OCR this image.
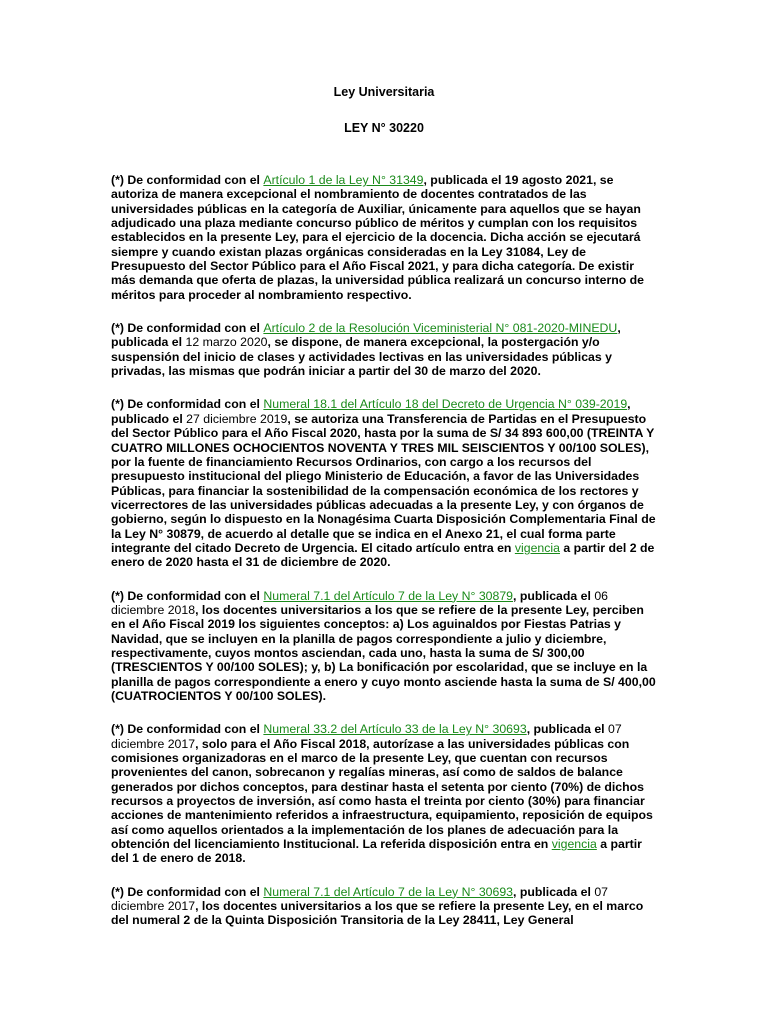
Ley Universitaria
LEY N° 30220

(*) De conformidad con el Artículo 1 de la Ley N° 31349, publicada el 19 agosto 2021, se autoriza de manera excepcional el nombramiento de docentes contratados de las universidades públicas en la categoría de Auxiliar, únicamente para aquellos que se hayan adjudicado una plaza mediante concurso público de méritos y cumplan con los requisitos establecidos en la presente Ley, para el ejercicio de la docencia. Dicha acción se ejecutará siempre y cuando existan plazas orgánicas consideradas en la Ley 31084, Ley de Presupuesto del Sector Público para el Año Fiscal 2021, y para dicha categoría. De existir más demanda que oferta de plazas, la universidad pública realizará un concurso interno de méritos para proceder al nombramiento respectivo.

(*) De conformidad con el Artículo 2 de la Resolución Viceministerial N° 081-2020-MINEDU, publicada el 12 marzo 2020, se dispone, de manera excepcional, la postergación y/o suspensión del inicio de clases y actividades lectivas en las universidades públicas y privadas, las mismas que podrán iniciar a partir del 30 de marzo del 2020.

(*) De conformidad con el Numeral 18.1 del Artículo 18 del Decreto de Urgencia N° 039-2019, publicado el 27 diciembre 2019, se autoriza una Transferencia de Partidas en el Presupuesto del Sector Público para el Año Fiscal 2020, hasta por la suma de S/ 34 893 600,00 (TREINTA Y CUATRO MILLONES OCHOCIENTOS NOVENTA Y TRES MIL SEISCIENTOS Y 00/100 SOLES), por la fuente de financiamiento Recursos Ordinarios, con cargo a los recursos del presupuesto institucional del pliego Ministerio de Educación, a favor de las Universidades Públicas, para financiar la sostenibilidad de la compensación económica de los rectores y vicerrectores de las universidades públicas adecuadas a la presente Ley, y con órganos de gobierno, según lo dispuesto en la Nonagésima Cuarta Disposición Complementaria Final de la Ley N° 30879, de acuerdo al detalle que se indica en el Anexo 21, el cual forma parte integrante del citado Decreto de Urgencia. El citado artículo entra en vigencia a partir del 2 de enero de 2020 hasta el 31 de diciembre de 2020.

(*) De conformidad con el Numeral 7.1 del Artículo 7 de la Ley N° 30879, publicada el 06 diciembre 2018, los docentes universitarios a los que se refiere de la presente Ley, perciben en el Año Fiscal 2019 los siguientes conceptos: a) Los aguinaldos por Fiestas Patrias y Navidad, que se incluyen en la planilla de pagos correspondiente a julio y diciembre, respectivamente, cuyos montos asciendan, cada uno, hasta la suma de S/ 300,00 (TRESCIENTOS Y 00/100 SOLES); y, b) La bonificación por escolaridad, que se incluye en la planilla de pagos correspondiente a enero y cuyo monto asciende hasta la suma de S/ 400,00 (CUATROCIENTOS Y 00/100 SOLES).

(*) De conformidad con el Numeral 33.2 del Artículo 33 de la Ley N° 30693, publicada el 07 diciembre 2017, solo para el Año Fiscal 2018, autorízase a las universidades públicas con comisiones organizadoras en el marco de la presente Ley, que cuentan con recursos provenientes del canon, sobrecanon y regalías mineras, así como de saldos de balance generados por dichos conceptos, para destinar hasta el setenta por ciento (70%) de dichos recursos a proyectos de inversión, así como hasta el treinta por ciento (30%) para financiar acciones de mantenimiento referidos a infraestructura, equipamiento, reposición de equipos así como aquellos orientados a la implementación de los planes de adecuación para la obtención del licenciamiento Institucional. La referida disposición entra en vigencia a partir del 1 de enero de 2018.

(*) De conformidad con el Numeral 7.1 del Artículo 7 de la Ley N° 30693, publicada el 07 diciembre 2017, los docentes universitarios a los que se refiere la presente Ley, en el marco del numeral 2 de la Quinta Disposición Transitoria de la Ley 28411, Ley General
